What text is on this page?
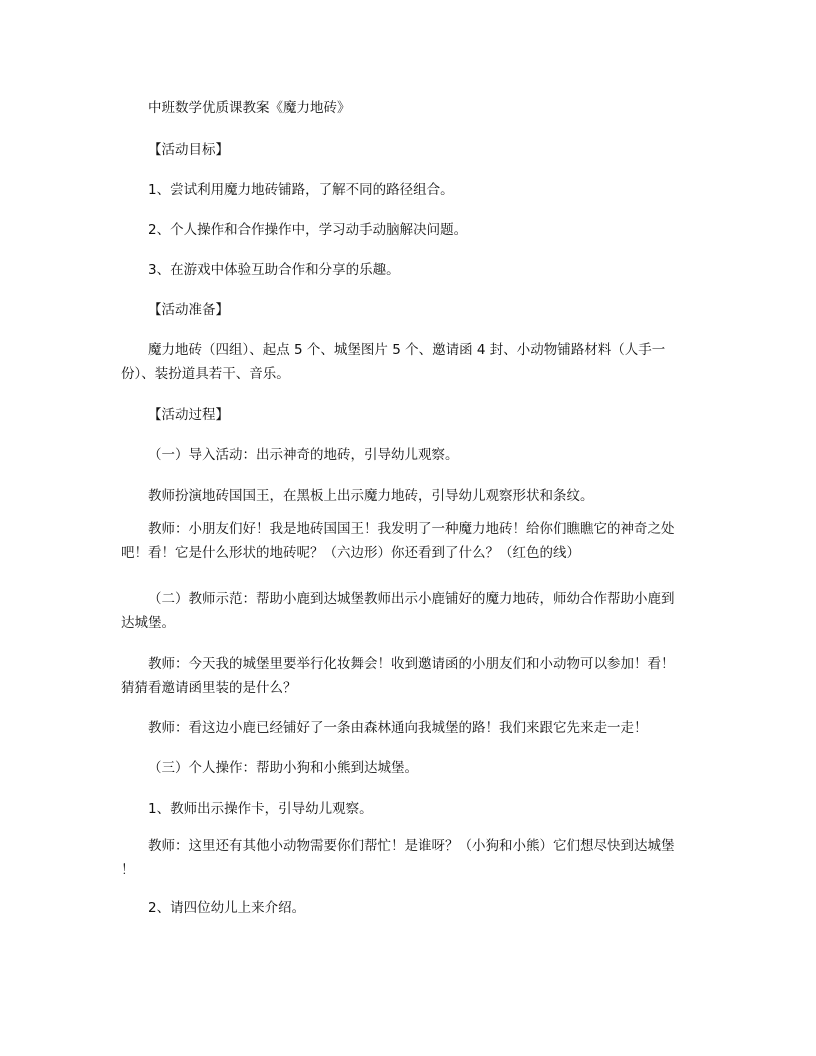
中班数学优质课教案《魔力地砖》

【活动目标】

1、尝试利用魔力地砖铺路，了解不同的路径组合。

2、个人操作和合作操作中，学习动手动脑解决问题。

3、在游戏中体验互助合作和分享的乐趣。

【活动准备】

魔力地砖（四组）、起点 5 个、城堡图片 5 个、邀请函 4 封、小动物铺路材料（人手一
份）、装扮道具若干、音乐。

【活动过程】

（一）导入活动：出示神奇的地砖，引导幼儿观察。

教师扮演地砖国国王，在黑板上出示魔力地砖，引导幼儿观察形状和条纹。

教师：小朋友们好！我是地砖国国王！我发明了一种魔力地砖！给你们瞧瞧它的神奇之处
吧！看！它是什么形状的地砖呢？（六边形）你还看到了什么？（红色的线）

（二）教师示范：帮助小鹿到达城堡教师出示小鹿铺好的魔力地砖，师幼合作帮助小鹿到
达城堡。

教师：今天我的城堡里要举行化妆舞会！收到邀请函的小朋友们和小动物可以参加！看！
猜猜看邀请函里装的是什么？

教师：看这边小鹿已经铺好了一条由森林通向我城堡的路！我们来跟它先来走一走！

（三）个人操作：帮助小狗和小熊到达城堡。

1、教师出示操作卡，引导幼儿观察。

教师：这里还有其他小动物需要你们帮忙！是谁呀？（小狗和小熊）它们想尽快到达城堡
！

2、请四位幼儿上来介绍。
